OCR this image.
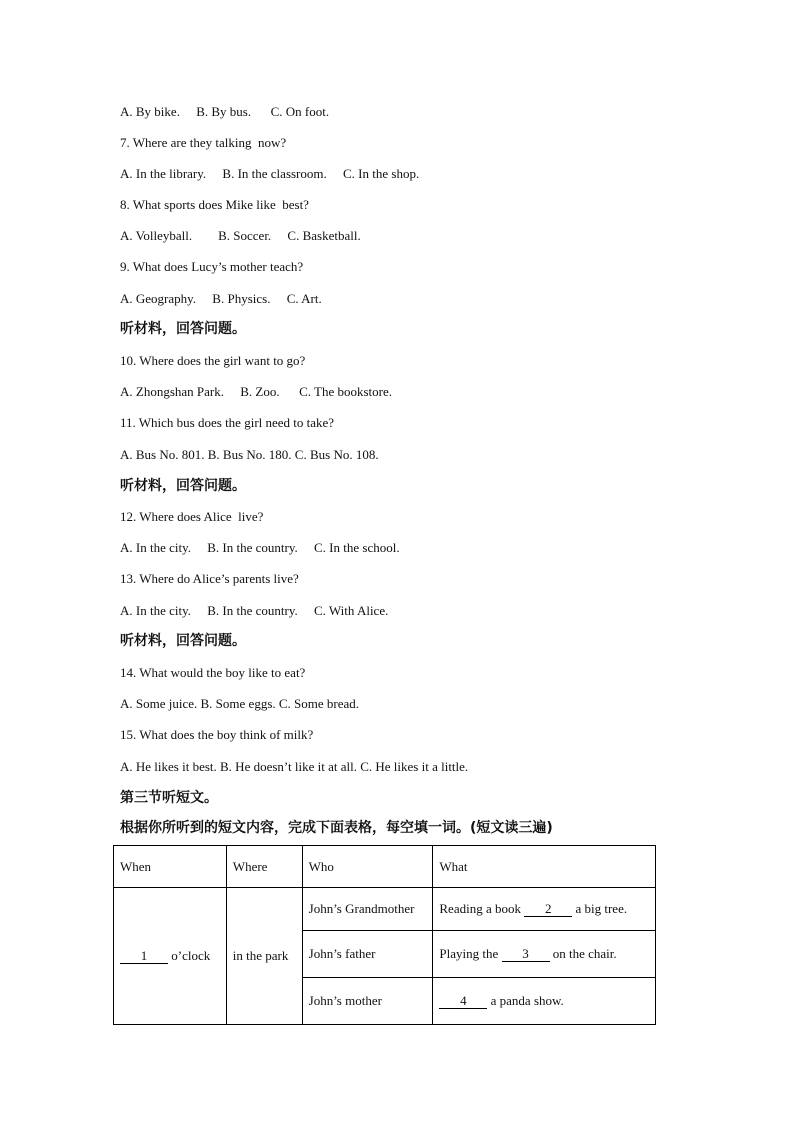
A. By bike.     B. By bus.      C. On foot.
7. Where are they talking  now?
A. In the library.     B. In the classroom.     C. In the shop.
8. What sports does Mike like  best?
A. Volleyball.        B. Soccer.     C. Basketball.
9. What does Lucy’s mother teach?
A. Geography.     B. Physics.     C. Art.
听材料，回答问题。
10. Where does the girl want to go?
A. Zhongshan Park.     B. Zoo.      C. The bookstore.
11. Which bus does the girl need to take?
A. Bus No. 801. B. Bus No. 180. C. Bus No. 108.
听材料，回答问题。
12. Where does Alice  live?
A. In the city.     B. In the country.     C. In the school.
13. Where do Alice’s parents live?
A. In the city.     B. In the country.     C. With Alice.
听材料，回答问题。
14. What would the boy like to eat?
A. Some juice. B. Some eggs. C. Some bread.
15. What does the boy think of milk?
A. He likes it best. B. He doesn’t like it at all. C. He likes it a little.
第三节听短文。
根据你所听到的短文内容，完成下面表格，每空填一词。(短文读三遍)
When	Where	Who	What
1 o’clock	in the park	John’s Grandmother	Reading a book 2 a big tree.
		John’s father	Playing the 3 on the chair.
		John’s mother	4 a panda show.
